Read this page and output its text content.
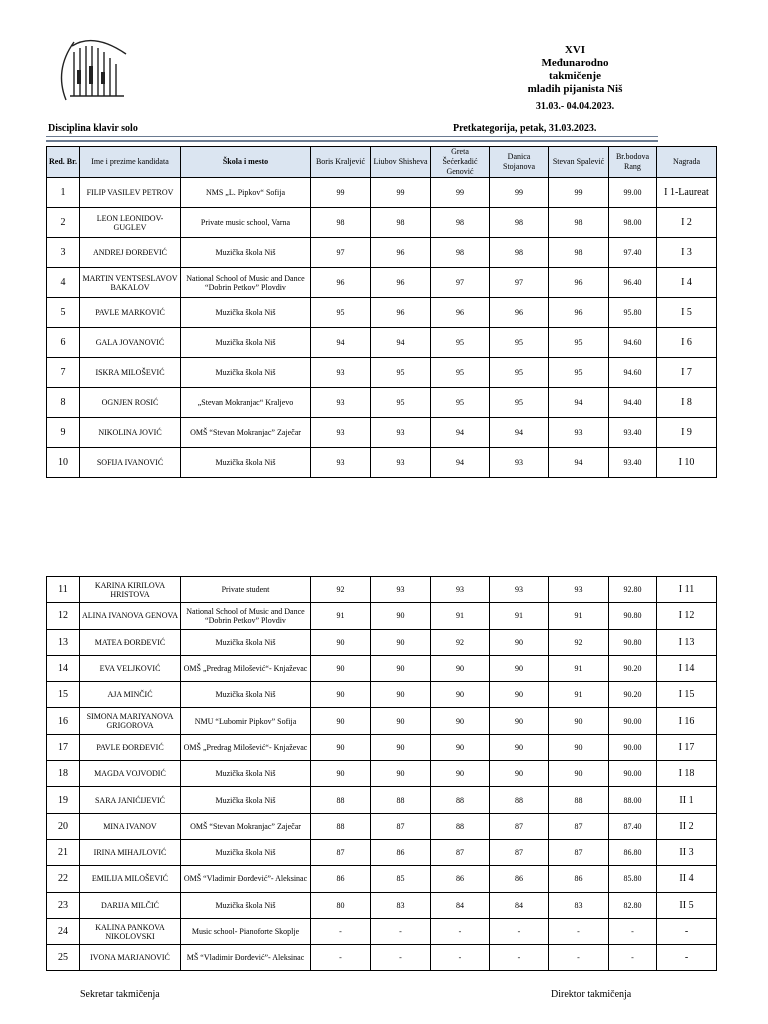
XVI
Međunarodno
takmičenje
mladih pijanista Niš
31.03.- 04.04.2023.
Disciplina klavir solo	Pretkategorija, petak, 31.03.2023.
Red. Br.	Ime i prezime kandidata	Škola i mesto	Boris Kraljević	Liubov Shisheva	Greta Šećerkadić Genović	Danica Stojanova	Stevan Spalević	Br.bodova Rang	Nagrada
1	FILIP VASILEV PETROV	NMS „L. Pipkov“ Sofija	99	99	99	99	99	99.00	I 1-Laureat
2	LEON LEONIDOV-GUGLEV	Private music school, Varna	98	98	98	98	98	98.00	I 2
3	ANDREJ ĐORĐEVIĆ	Muzička škola Niš	97	96	98	98	98	97.40	I 3
4	MARTIN VENTSESLAVOV BAKALOV	National School of Music and Dance “Dobrin Petkov” Plovdiv	96	96	97	97	96	96.40	I 4
5	PAVLE MARKOVIĆ	Muzička škola Niš	95	96	96	96	96	95.80	I 5
6	GALA JOVANOVIĆ	Muzička škola Niš	94	94	95	95	95	94.60	I 6
7	ISKRA MILOŠEVIĆ	Muzička škola Niš	93	95	95	95	95	94.60	I 7
8	OGNJEN ROSIĆ	„Stevan Mokranjac“ Kraljevo	93	95	95	95	94	94.40	I 8
9	NIKOLINA JOVIĆ	OMŠ “Stevan Mokranjac” Zaječar	93	93	94	94	93	93.40	I 9
10	SOFIJA IVANOVIĆ	Muzička škola Niš	93	93	94	93	94	93.40	I 10
11	KARINA KIRILOVA HRISTOVA	Private student	92	93	93	93	93	92.80	I 11
12	ALINA IVANOVA GENOVA	National School of Music and Dance “Dobrin Petkov” Plovdiv	91	90	91	91	91	90.80	I 12
13	MATEA ĐORĐEVIĆ	Muzička škola Niš	90	90	92	90	92	90.80	I 13
14	EVA VELJKOVIĆ	OMŠ „Predrag Milošević“- Knjaževac	90	90	90	90	91	90.20	I 14
15	AJA MINČIĆ	Muzička škola Niš	90	90	90	90	91	90.20	I 15
16	SIMONA MARIYANOVA GRIGOROVA	NMU “Lubomir Pipkov” Sofija	90	90	90	90	90	90.00	I 16
17	PAVLE ĐORĐEVIĆ	OMŠ „Predrag Milošević“- Knjaževac	90	90	90	90	90	90.00	I 17
18	MAGDA VOJVODIĆ	Muzička škola Niš	90	90	90	90	90	90.00	I 18
19	SARA JANIĆIJEVIĆ	Muzička škola Niš	88	88	88	88	88	88.00	II 1
20	MINA IVANOV	OMŠ “Stevan Mokranjac” Zaječar	88	87	88	87	87	87.40	II 2
21	IRINA MIHAJLOVIĆ	Muzička škola Niš	87	86	87	87	87	86.80	II 3
22	EMILIJA MILOŠEVIĆ	OMŠ “Vladimir Đorđević”- Aleksinac	86	85	86	86	86	85.80	II 4
23	DARIJA MILČIĆ	Muzička škola Niš	80	83	84	84	83	82.80	II 5
24	KALINA PANKOVA NIKOLOVSKI	Music school- Pianoforte Skoplje	-	-	-	-	-	-	-
25	IVONA MARJANOVIĆ	MŠ “Vladimir Đorđević”- Aleksinac	-	-	-	-	-	-	-
Sekretar takmičenja	Direktor takmičenja
